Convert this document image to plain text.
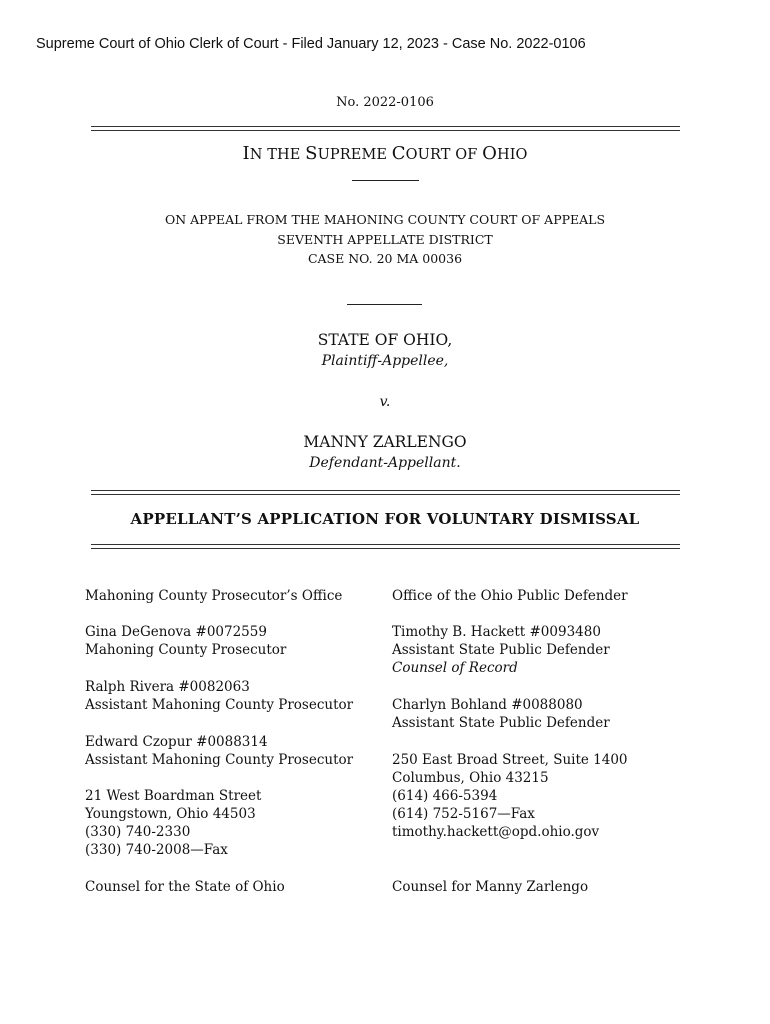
Supreme Court of Ohio Clerk of Court - Filed January 12, 2023 - Case No. 2022-0106
No. 2022-0106
IN THE SUPREME COURT OF OHIO
ON APPEAL FROM THE MAHONING COUNTY COURT OF APPEALS
SEVENTH APPELLATE DISTRICT
CASE NO. 20 MA 00036
STATE OF OHIO,
Plaintiff-Appellee,
v.
MANNY ZARLENGO
Defendant-Appellant.
APPELLANT’S APPLICATION FOR VOLUNTARY DISMISSAL
Mahoning County Prosecutor’s Office
Gina DeGenova #0072559
Mahoning County Prosecutor
Ralph Rivera #0082063
Assistant Mahoning County Prosecutor
Edward Czopur #0088314
Assistant Mahoning County Prosecutor
21 West Boardman Street
Youngstown, Ohio 44503
(330) 740-2330
(330) 740-2008—Fax
Counsel for the State of Ohio
Office of the Ohio Public Defender
Timothy B. Hackett #0093480
Assistant State Public Defender
Counsel of Record
Charlyn Bohland #0088080
Assistant State Public Defender
250 East Broad Street, Suite 1400
Columbus, Ohio 43215
(614) 466-5394
(614) 752-5167—Fax
timothy.hackett@opd.ohio.gov
Counsel for Manny Zarlengo
